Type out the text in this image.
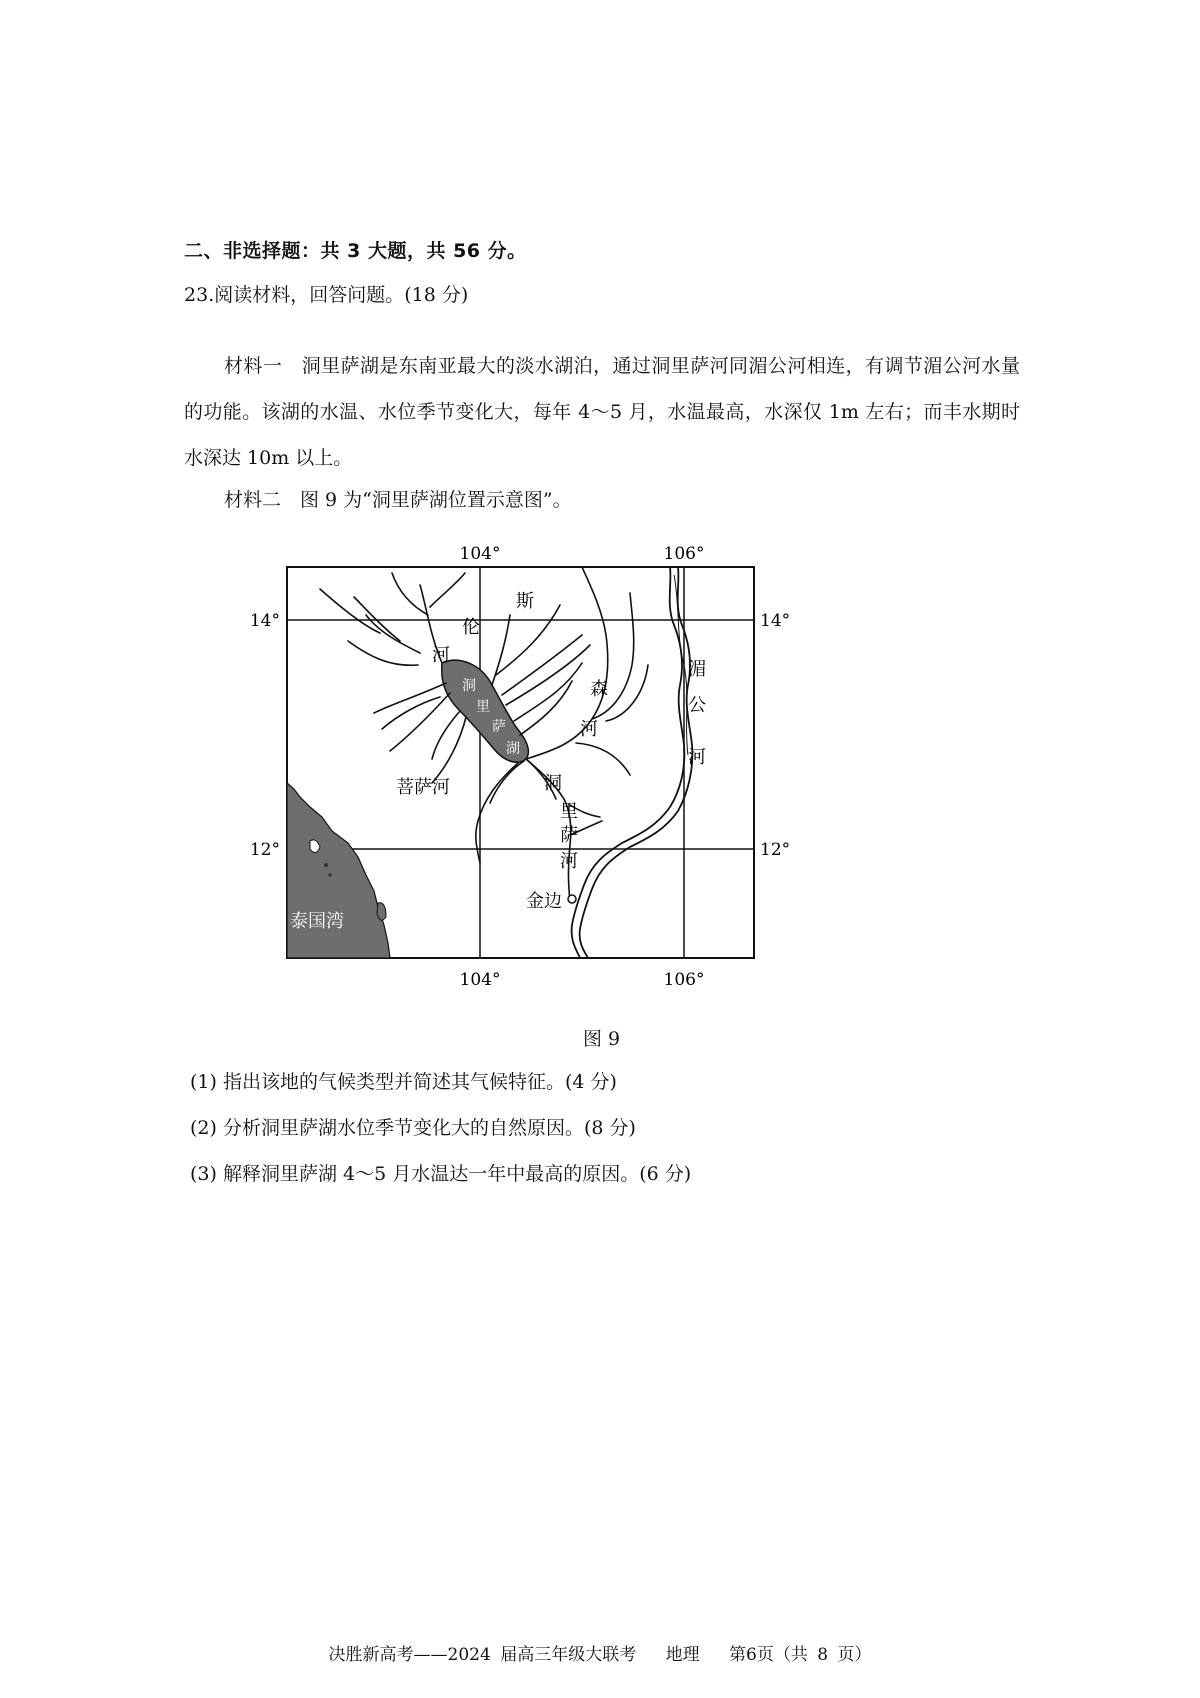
二、非选择题：共 3 大题，共 56 分。
23.阅读材料，回答问题。(18 分)
材料一　洞里萨湖是东南亚最大的淡水湖泊，通过洞里萨河同湄公河相连，有调节湄公河水量的功能。该湖的水温、水位季节变化大，每年 4～5 月，水温最高，水深仅 1m 左右；而丰水期时水深达 10m 以上。
材料二　图 9 为“洞里萨湖位置示意图”。
104°	106°
104°	106°
14°	14°
12°	12°
斯
伦
河
森
河
湄
公
河
洞
里
萨
湖
洞
里
萨
河
菩萨河
金边
泰国湾
图 9
(1) 指出该地的气候类型并简述其气候特征。(4 分)
(2) 分析洞里萨湖水位季节变化大的自然原因。(8 分)
(3) 解释洞里萨湖 4～5 月水温达一年中最高的原因。(6 分)
决胜新高考——2024 届高三年级大联考 地理 第6页（共 8 页）
